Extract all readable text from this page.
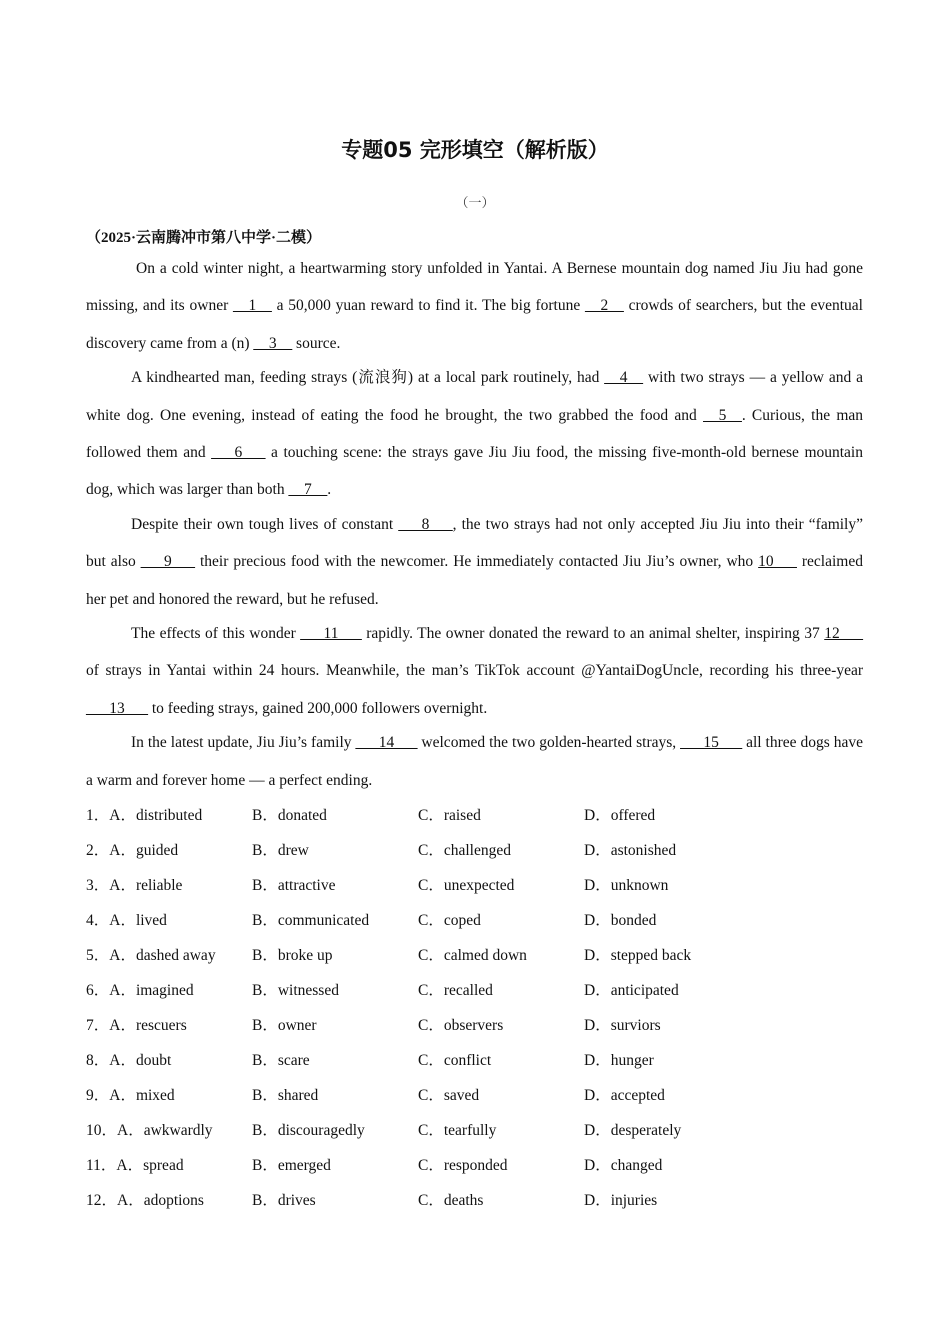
专题05 完形填空（解析版）
（一）
（2025·云南腾冲市第八中学·二模）

On a cold winter night, a heartwarming story unfolded in Yantai. A Bernese mountain dog named Jiu Jiu had gone missing, and its owner __1__ a 50,000 yuan reward to find it. The big fortune __2__ crowds of searchers, but the eventual discovery came from a (n) __3__ source.

A kindhearted man, feeding strays (流浪狗) at a local park routinely, had __4__ with two strays — a yellow and a white dog. One evening, instead of eating the food he brought, the two grabbed the food and __5__. Curious, the man followed them and ___6___ a touching scene: the strays gave Jiu Jiu food, the missing five-month-old bernese mountain dog, which was larger than both __7__.

Despite their own tough lives of constant ___8___, the two strays had not only accepted Jiu Jiu into their “family” but also ___9___ their precious food with the newcomer. He immediately contacted Jiu Jiu’s owner, who 10___ reclaimed her pet and honored the reward, but he refused.

The effects of this wonder ___11___ rapidly. The owner donated the reward to an animal shelter, inspiring 37 12___ of strays in Yantai within 24 hours. Meanwhile, the man’s TikTok account @YantaiDogUncle, recording his three-year ___13___ to feeding strays, gained 200,000 followers overnight.

In the latest update, Jiu Jiu’s family ___14___ welcomed the two golden-hearted strays, ___15___ all three dogs have a warm and forever home — a perfect ending.

1．A．distributed	B．donated	C．raised	D．offered
2．A．guided	B．drew	C．challenged	D．astonished
3．A．reliable	B．attractive	C．unexpected	D．unknown
4．A．lived	B．communicated	C．coped	D．bonded
5．A．dashed away B．broke up	C．calmed down	D．stepped back
6．A．imagined	B．witnessed	C．recalled	D．anticipated
7．A．rescuers	B．owner	C．observers	D．surviors
8．A．doubt	B．scare	C．conflict	D．hunger
9．A．mixed	B．shared	C．saved	D．accepted
10．A．awkwardly	B．discouragedly	C．tearfully	D．desperately
11．A．spread	B．emerged	C．responded	D．changed
12．A．adoptions	B．drives	C．deaths	D．injuries
